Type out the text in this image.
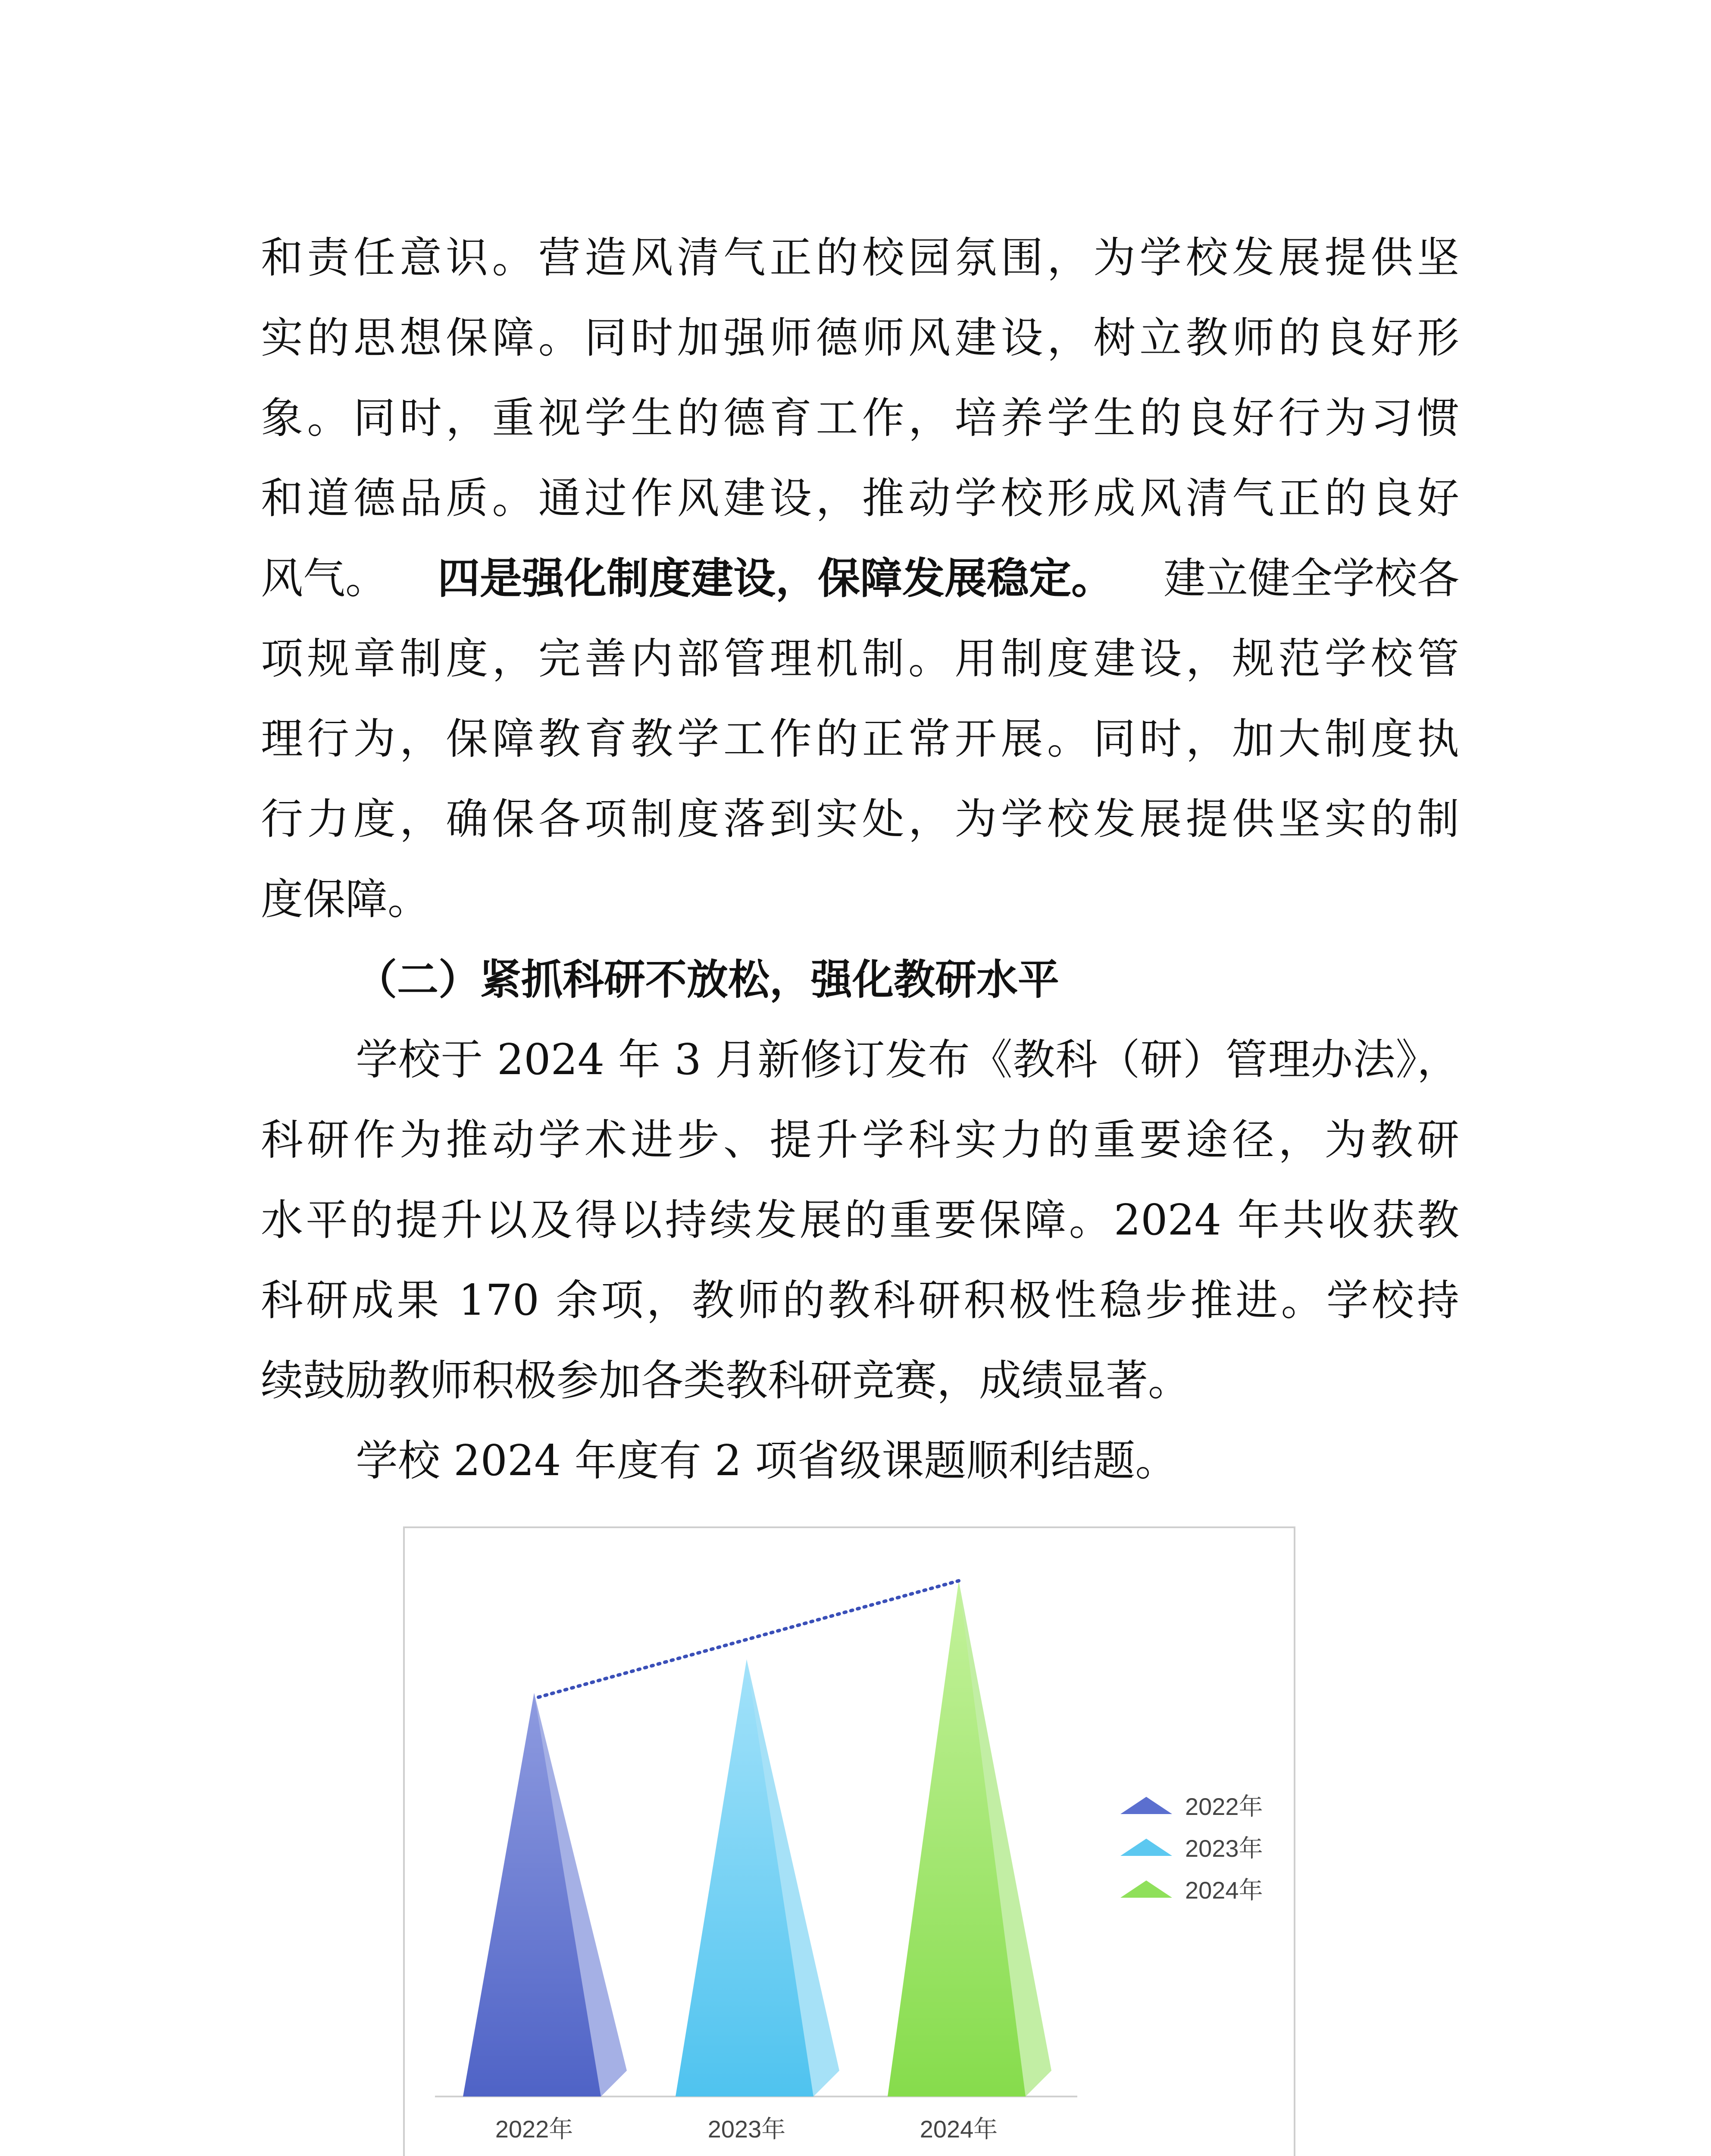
和责任意识。营造风清气正的校园氛围，为学校发展提供坚
实的思想保障。同时加强师德师风建设，树立教师的良好形
象。同时，重视学生的德育工作，培养学生的良好行为习惯
和道德品质。通过作风建设，推动学校形成风清气正的良好
风气。 四是强化制度建设，保障发展稳定。 建立健全学校各
项规章制度，完善内部管理机制。用制度建设，规范学校管
理行为，保障教育教学工作的正常开展。同时，加大制度执
行力度，确保各项制度落到实处，为学校发展提供坚实的制
度保障。
（二）紧抓科研不放松，强化教研水平
学校于 2024 年 3 月新修订发布《教科（研）管理办法》，
科研作为推动学术进步、提升学科实力的重要途径，为教研
水平的提升以及得以持续发展的重要保障。2024 年共收获教
科研成果 170 余项，教师的教科研积极性稳步推进。学校持
续鼓励教师积极参加各类教科研竞赛，成绩显著。
学校 2024 年度有 2 项省级课题顺利结题。
2022年	2023年	2024年
2022年
2023年
2024年
